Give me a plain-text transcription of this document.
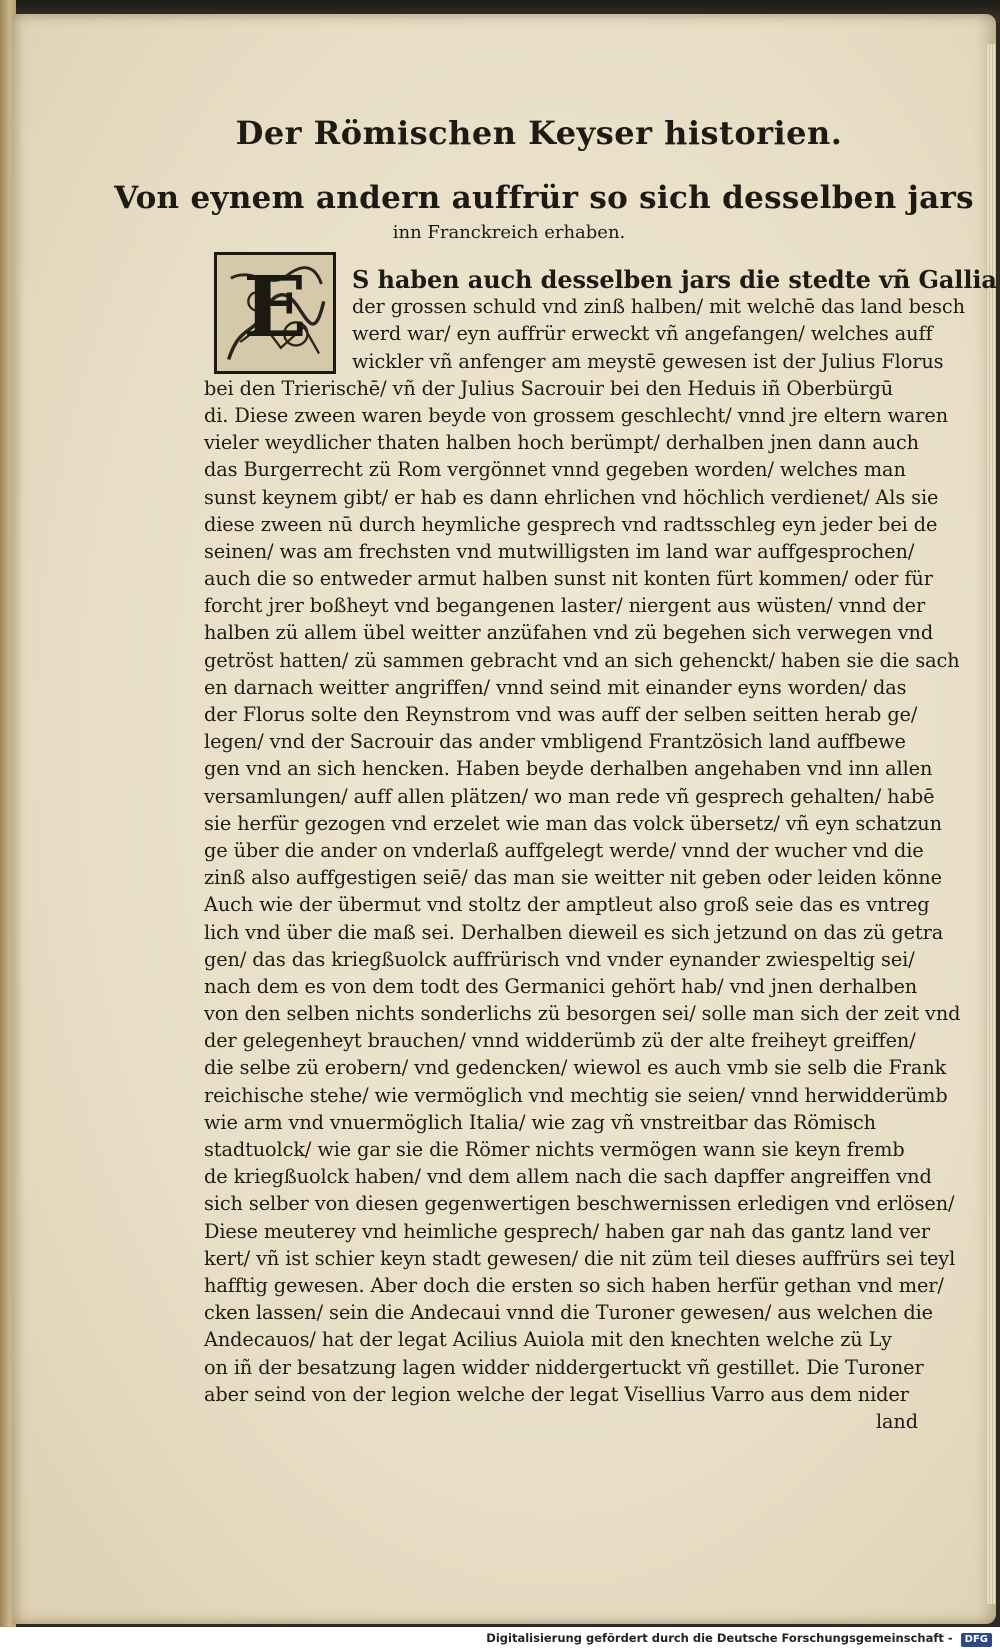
Der Römischen Keyser historien.
Von eynem andern auffrür so sich desselben jars
inn Franckreich erhaben.
E	S haben auch desselben jars die stedte vñ Gallia
der grossen schuld vnd zinß halben/ mit welchē das land besch
werd war/ eyn auffrür erweckt vñ angefangen/ welches auff
wickler vñ anfenger am meystē gewesen ist der Julius Florus
bei den Trierischē/ vñ der Julius Sacrouir bei den Heduis iñ Oberbürgū
di. Diese zween waren beyde von grossem geschlecht/ vnnd jre eltern waren
vieler weydlicher thaten halben hoch berümpt/ derhalben jnen dann auch
das Burgerrecht zü Rom vergönnet vnnd gegeben worden/ welches man
sunst keynem gibt/ er hab es dann ehrlichen vnd höchlich verdienet/ Als sie
diese zween nū durch heymliche gesprech vnd radtsschleg eyn jeder bei de
seinen/ was am frechsten vnd mutwilligsten im land war auffgesprochen/
auch die so entweder armut halben sunst nit konten fürt kommen/ oder für
forcht jrer boßheyt vnd begangenen laster/ niergent aus wüsten/ vnnd der
halben zü allem übel weitter anzüfahen vnd zü begehen sich verwegen vnd
getröst hatten/ zü sammen gebracht vnd an sich gehenckt/ haben sie die sach
en darnach weitter angriffen/ vnnd seind mit einander eyns worden/ das
der Florus solte den Reynstrom vnd was auff der selben seitten herab ge/
legen/ vnd der Sacrouir das ander vmbligend Frantzösich land auffbewe
gen vnd an sich hencken. Haben beyde derhalben angehaben vnd inn allen
versamlungen/ auff allen plätzen/ wo man rede vñ gesprech gehalten/ habē
sie herfür gezogen vnd erzelet wie man das volck übersetz/ vñ eyn schatzun
ge über die ander on vnderlaß auffgelegt werde/ vnnd der wucher vnd die
zinß also auffgestigen seiē/ das man sie weitter nit geben oder leiden könne
Auch wie der übermut vnd stoltz der amptleut also groß seie das es vntreg
lich vnd über die maß sei. Derhalben dieweil es sich jetzund on das zü getra
gen/ das das kriegßuolck auffrürisch vnd vnder eynander zwiespeltig sei/
nach dem es von dem todt des Germanici gehört hab/ vnd jnen derhalben
von den selben nichts sonderlichs zü besorgen sei/ solle man sich der zeit vnd
der gelegenheyt brauchen/ vnnd widderümb zü der alte freiheyt greiffen/
die selbe zü erobern/ vnd gedencken/ wiewol es auch vmb sie selb die Frank
reichische stehe/ wie vermöglich vnd mechtig sie seien/ vnnd herwidderümb
wie arm vnd vnuermöglich Italia/ wie zag vñ vnstreitbar das Römisch
stadtuolck/ wie gar sie die Römer nichts vermögen wann sie keyn fremb
de kriegßuolck haben/ vnd dem allem nach die sach dapffer angreiffen vnd
sich selber von diesen gegenwertigen beschwernissen erledigen vnd erlösen/
Diese meuterey vnd heimliche gesprech/ haben gar nah das gantz land ver
kert/ vñ ist schier keyn stadt gewesen/ die nit züm teil dieses auffrürs sei teyl
hafftig gewesen. Aber doch die ersten so sich haben herfür gethan vnd mer/
cken lassen/ sein die Andecaui vnnd die Turoner gewesen/ aus welchen die
Andecauos/ hat der legat Acilius Auiola mit den knechten welche zü Ly
on iñ der besatzung lagen widder niddergertuckt vñ gestillet. Die Turoner
aber seind von der legion welche der legat Visellius Varro aus dem nider
land
Digitalisierung gefördert durch die Deutsche Forschungsgemeinschaft - DFG
